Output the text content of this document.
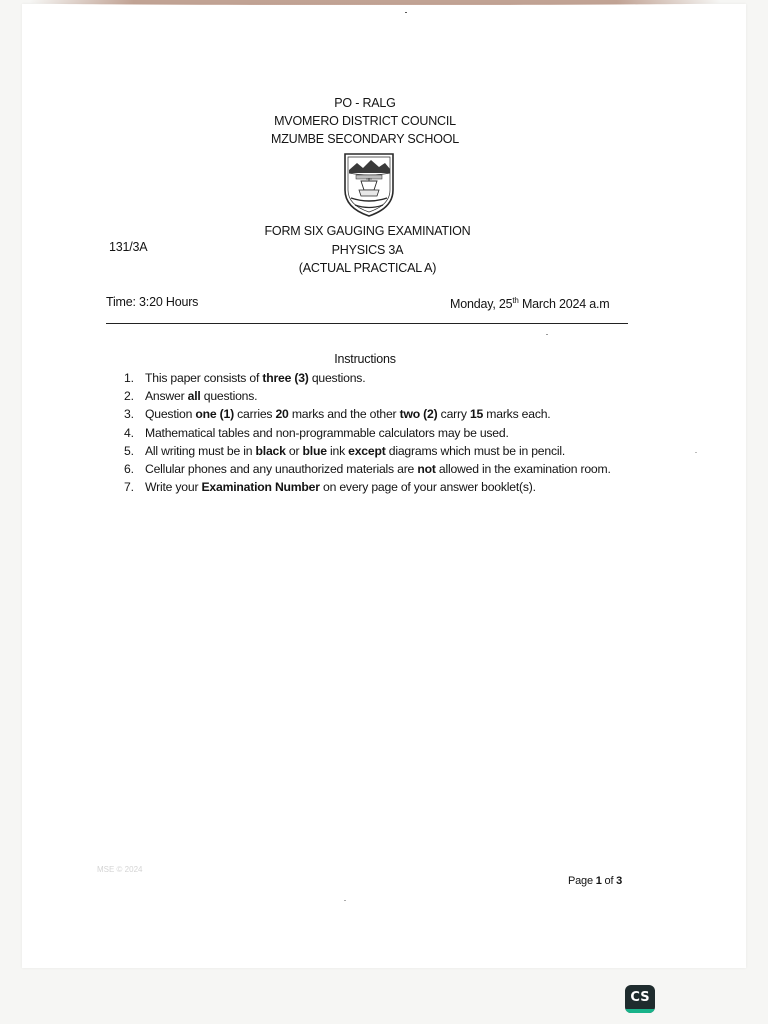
PO - RALG
MVOMERO DISTRICT COUNCIL
MZUMBE SECONDARY SCHOOL
FORM SIX GAUGING EXAMINATION
PHYSICS 3A
(ACTUAL PRACTICAL A)
131/3A
Time: 3:20 Hours	Monday, 25th March 2024 a.m
Instructions
1. This paper consists of three (3) questions.
2. Answer all questions.
3. Question one (1) carries 20 marks and the other two (2) carry 15 marks each.
4. Mathematical tables and non-programmable calculators may be used.
5. All writing must be in black or blue ink except diagrams which must be in pencil.
6. Cellular phones and any unauthorized materials are not allowed in the examination room.
7. Write your Examination Number on every page of your answer booklet(s).
MSE © 2024
Page 1 of 3
CS
